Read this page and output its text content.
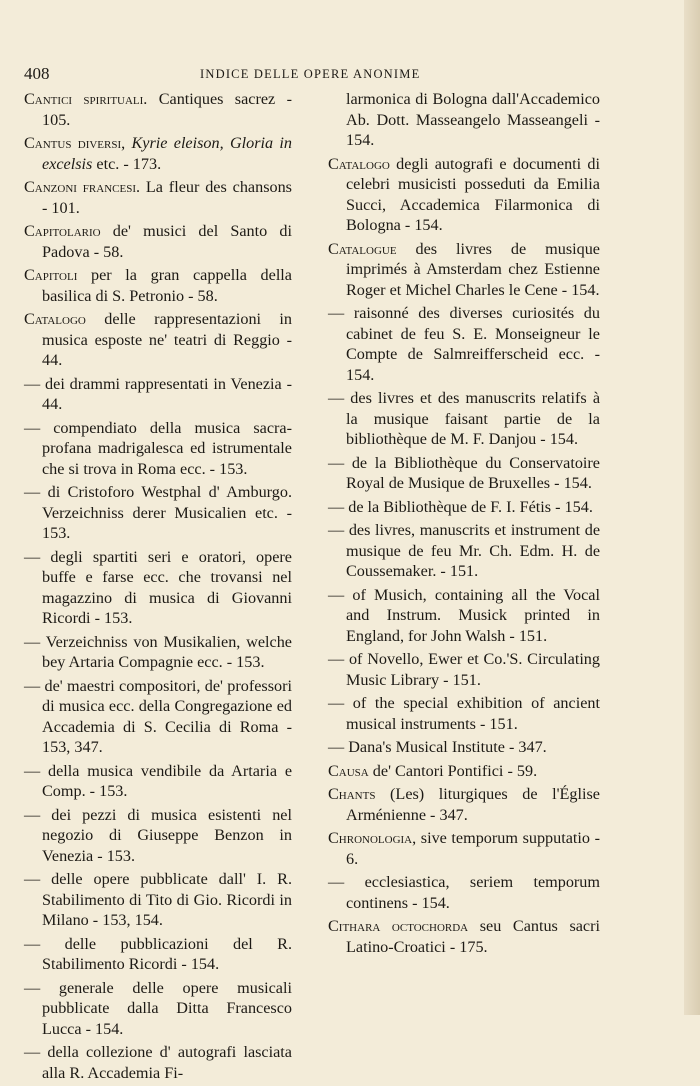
408	INDICE DELLE OPERE ANONIME

Cantici spirituali. Cantiques sacrez - 105.

Cantus diversi, Kyrie eleison, Gloria in excelsis etc. - 173.

Canzoni francesi. La fleur des chansons - 101.

Capitolario de' musici del Santo di Padova - 58.

Capitoli per la gran cappella della basilica di S. Petronio - 58.

Catalogo delle rappresentazioni in musica esposte ne' teatri di Reggio - 44.

— dei drammi rappresentati in Venezia - 44.

— compendiato della musica sacra-profana madrigalesca ed istrumentale che si trova in Roma ecc. - 153.

— di Cristoforo Westphal d' Amburgo. Verzeichniss derer Musicalien etc. - 153.

— degli spartiti seri e oratori, opere buffe e farse ecc. che trovansi nel magazzino di musica di Giovanni Ricordi - 153.

— Verzeichniss von Musikalien, welche bey Artaria Compagnie ecc. - 153.

— de' maestri compositori, de' professori di musica ecc. della Congregazione ed Accademia di S. Cecilia di Roma - 153, 347.

— della musica vendibile da Artaria e Comp. - 153.

— dei pezzi di musica esistenti nel negozio di Giuseppe Benzon in Venezia - 153.

— delle opere pubblicate dall' I. R. Stabilimento di Tito di Gio. Ricordi in Milano - 153, 154.

— delle pubblicazioni del R. Stabilimento Ricordi - 154.

— generale delle opere musicali pubblicate dalla Ditta Francesco Lucca - 154.

— della collezione d' autografi lasciata alla R. Accademia Fi-

larmonica di Bologna dall'Accademico Ab. Dott. Masseangelo Masseangeli - 154.

Catalogo degli autografi e documenti di celebri musicisti posseduti da Emilia Succi, Accademica Filarmonica di Bologna - 154.

Catalogue des livres de musique imprimés à Amsterdam chez Estienne Roger et Michel Charles le Cene - 154.

— raisonné des diverses curiosités du cabinet de feu S. E. Monseigneur le Compte de Salmreifferscheid ecc. - 154.

— des livres et des manuscrits relatifs à la musique faisant partie de la bibliothèque de M. F. Danjou - 154.

— de la Bibliothèque du Conservatoire Royal de Musique de Bruxelles - 154.

— de la Bibliothèque de F. I. Fétis - 154.

— des livres, manuscrits et instrument de musique de feu Mr. Ch. Edm. H. de Coussemaker. - 151.

— of Musich, containing all the Vocal and Instrum. Musick printed in England, for John Walsh - 151.

— of Novello, Ewer et Co.'S. Circulating Music Library - 151.

— of the special exhibition of ancient musical instruments - 151.

— Dana's Musical Institute - 347.

Causa de' Cantori Pontifici - 59.

Chants (Les) liturgiques de l'Église Arménienne - 347.

Chronologia, sive temporum supputatio - 6.

— ecclesiastica, seriem temporum continens - 154.

Cithara octochorda seu Cantus sacri Latino-Croatici - 175.
